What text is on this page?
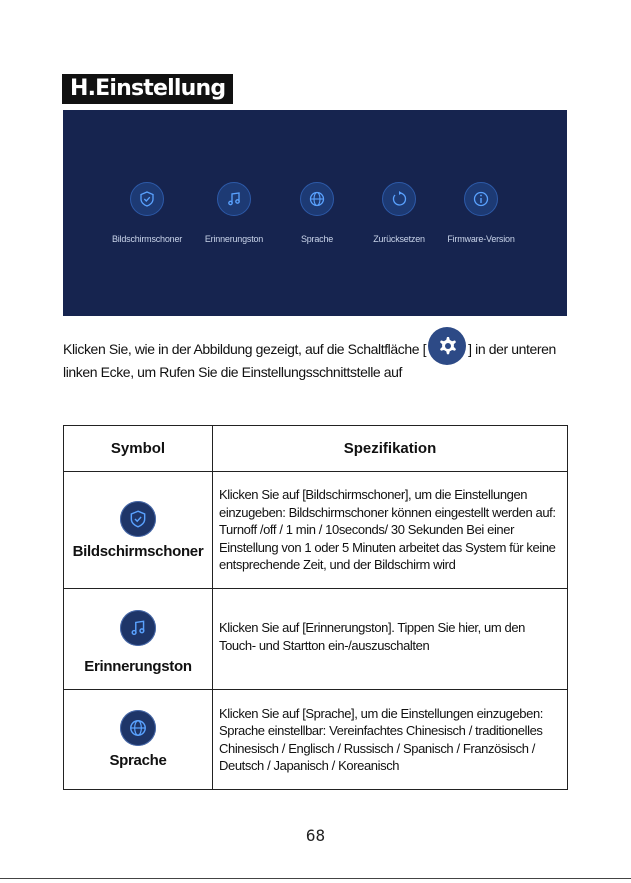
H.Einstellung
Bildschirmschoner	Erinnerungston	Sprache	Zurücksetzen	Firmware-Version
Klicken Sie, wie in der Abbildung gezeigt, auf die Schaltfläche [	] in der unteren linken Ecke, um Rufen Sie die Einstellungsschnittstelle auf
Symbol	Spezifikation

Bildschirmschoner	Klicken Sie auf [Bildschirmschoner], um die Einstellungen einzugeben: Bildschirmschoner können eingestellt werden auf: Turnoff /off / 1 min / 10seconds/ 30 Sekunden Bei einer Einstellung von 1 oder 5 Minuten arbeitet das System für keine entsprechende Zeit, und der Bildschirm wird

Erinnerungston	Klicken Sie auf [Erinnerungston]. Tippen Sie hier, um den Touch- und Startton ein-/auszuschalten

Sprache	Klicken Sie auf [Sprache], um die Einstellungen einzugeben: Sprache einstellbar: Vereinfachtes Chinesisch / traditionelles Chinesisch / Englisch / Russisch / Spanisch / Französisch / Deutsch / Japanisch / Koreanisch
68
